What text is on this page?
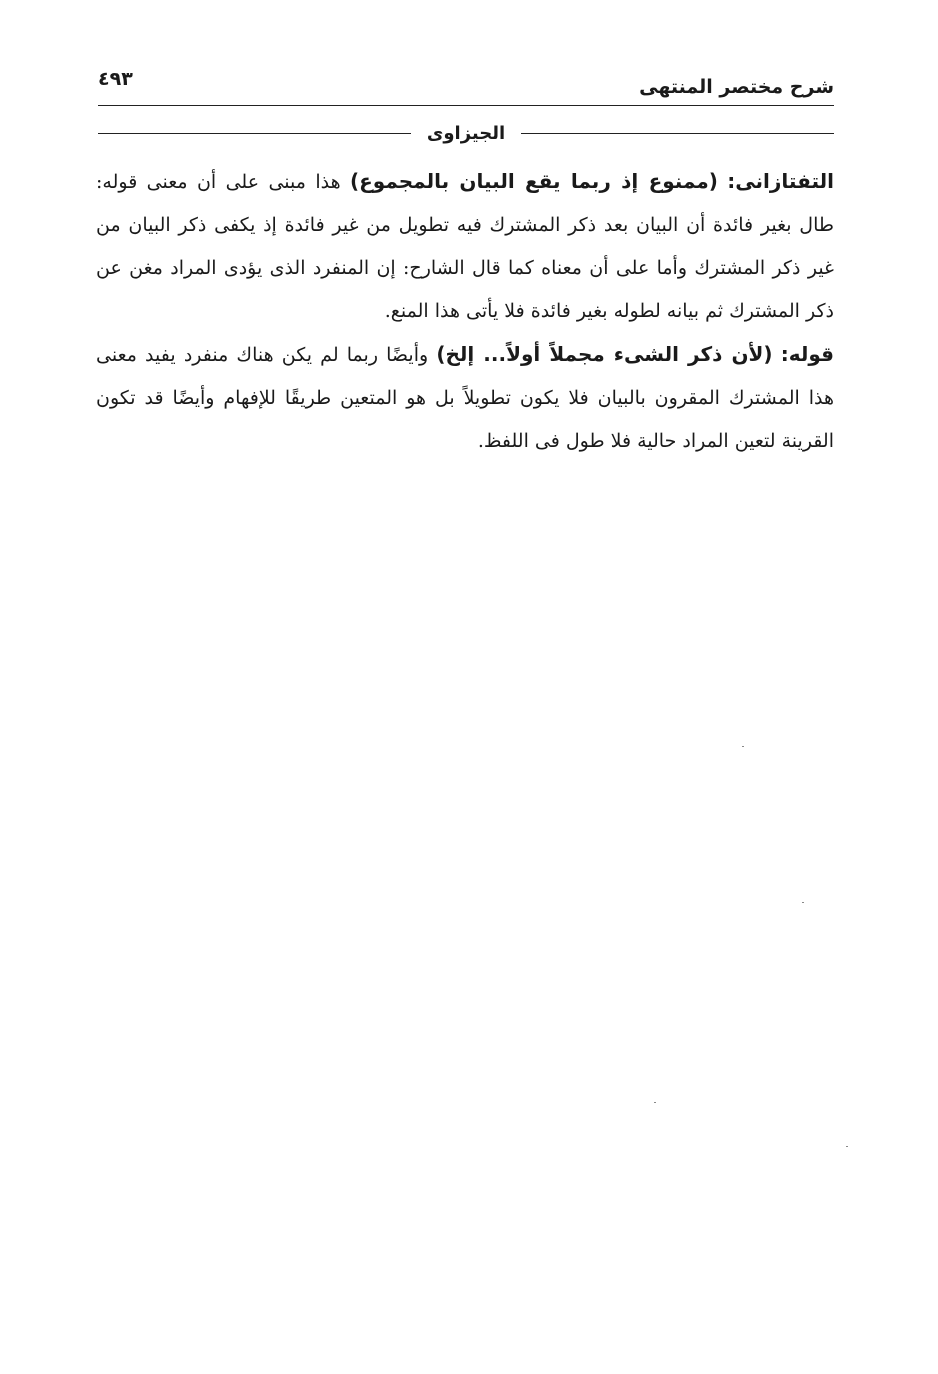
شرح مختصر المنتهى
٤٩٣
الجيزاوى

التفتازانى: (ممنوع إذ ربما يقع البيان بالمجموع) هذا مبنى على أن معنى قوله: طال بغير فائدة أن البيان بعد ذكر المشترك فيه تطويل من غير فائدة إذ يكفى ذكر البيان من غير ذكر المشترك وأما على أن معناه كما قال الشارح: إن المنفرد الذى يؤدى المراد مغن عن ذكر المشترك ثم بيانه لطوله بغير فائدة فلا يأتى هذا المنع.

قوله: (لأن ذكر الشىء مجملاً أولاً... إلخ) وأيضًا ربما لم يكن هناك منفرد يفيد معنى هذا المشترك المقرون بالبيان فلا يكون تطويلاً بل هو المتعين طريقًا للإفهام وأيضًا قد تكون القرينة لتعين المراد حالية فلا طول فى اللفظ.
